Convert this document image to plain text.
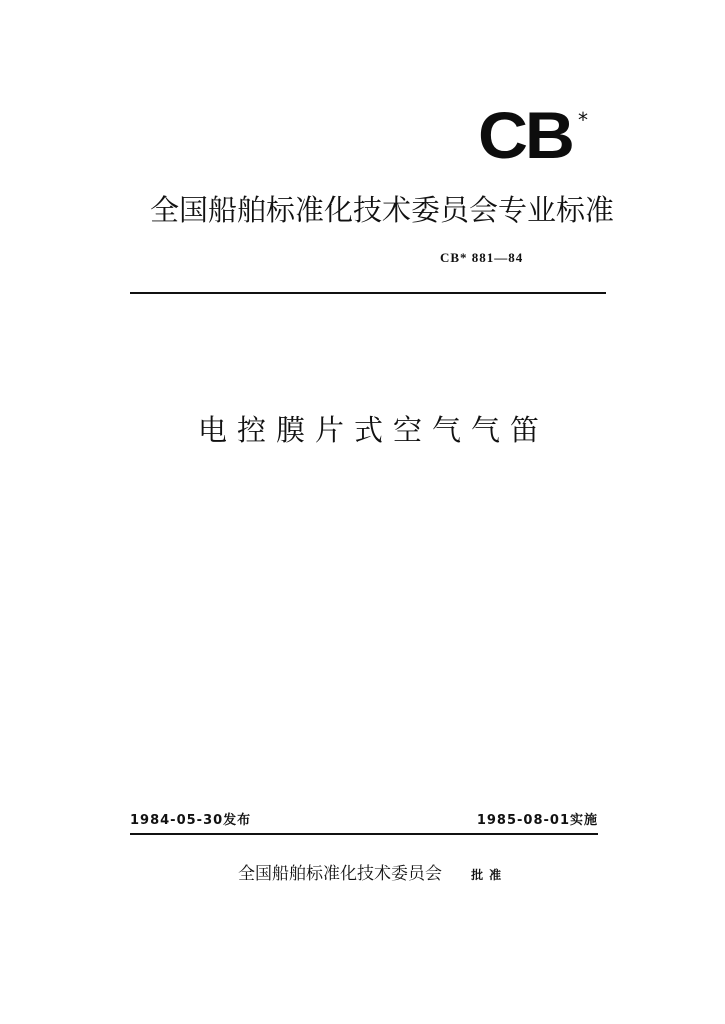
CB *
全国船舶标准化技术委员会专业标准
CB* 881—84
电控膜片式空气气笛
1984-05-30发布	1985-08-01实施
全国船舶标准化技术委员会 批准
